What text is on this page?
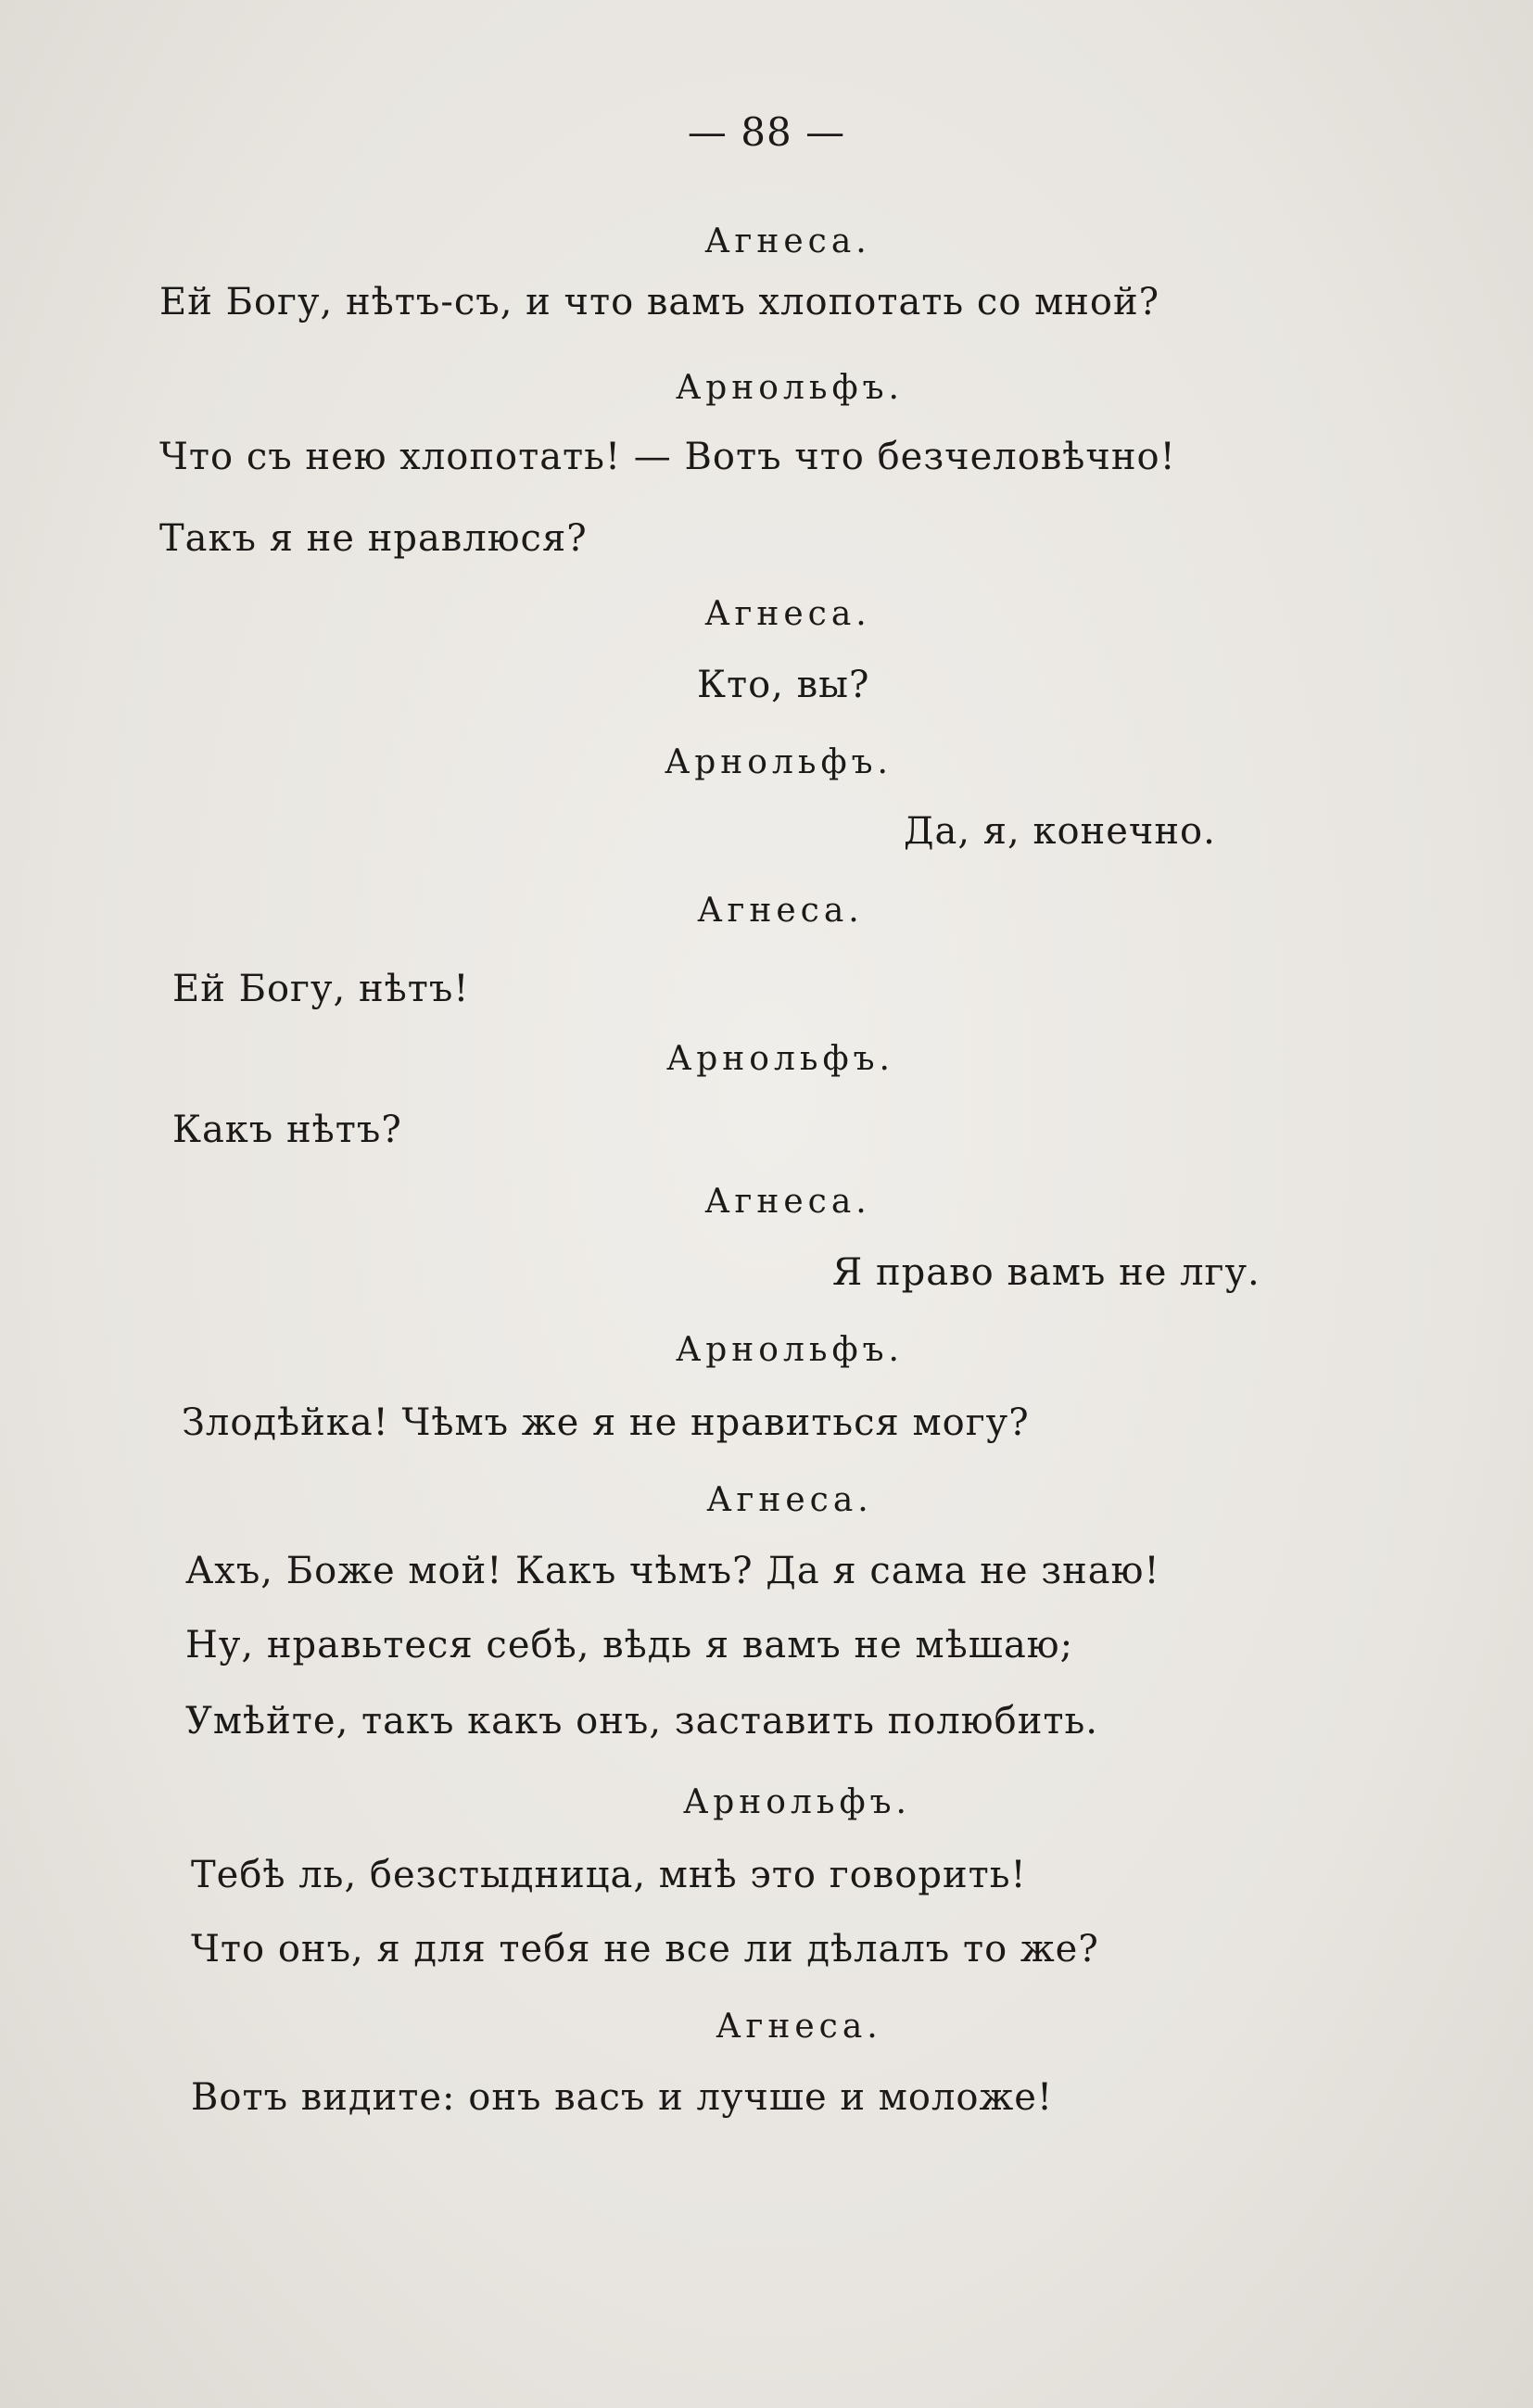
— 88 —
Агнеса.
Ей Богу, нѣтъ-съ, и что вамъ хлопотать со мной?
Арнольфъ.
Что съ нею хлопотать! — Вотъ что безчеловѣчно!
Такъ я не нравлюся?
Агнеса.
Кто, вы?
Арнольфъ.
Да, я, конечно.
Агнеса.
Ей Богу, нѣтъ!
Арнольфъ.
Какъ нѣтъ?
Агнеса.
Я право вамъ не лгу.
Арнольфъ.
Злодѣйка! Чѣмъ же я не нравиться могу?
Агнеса.
Ахъ, Боже мой! Какъ чѣмъ? Да я сама не знаю!
Ну, нравьтеся себѣ, вѣдь я вамъ не мѣшаю;
Умѣйте, такъ какъ онъ, заставить полюбить.
Арнольфъ.
Тебѣ ль, безстыдница, мнѣ это говорить!
Что онъ, я для тебя не все ли дѣлалъ то же?
Агнеса.
Вотъ видите: онъ васъ и лучше и моложе!
